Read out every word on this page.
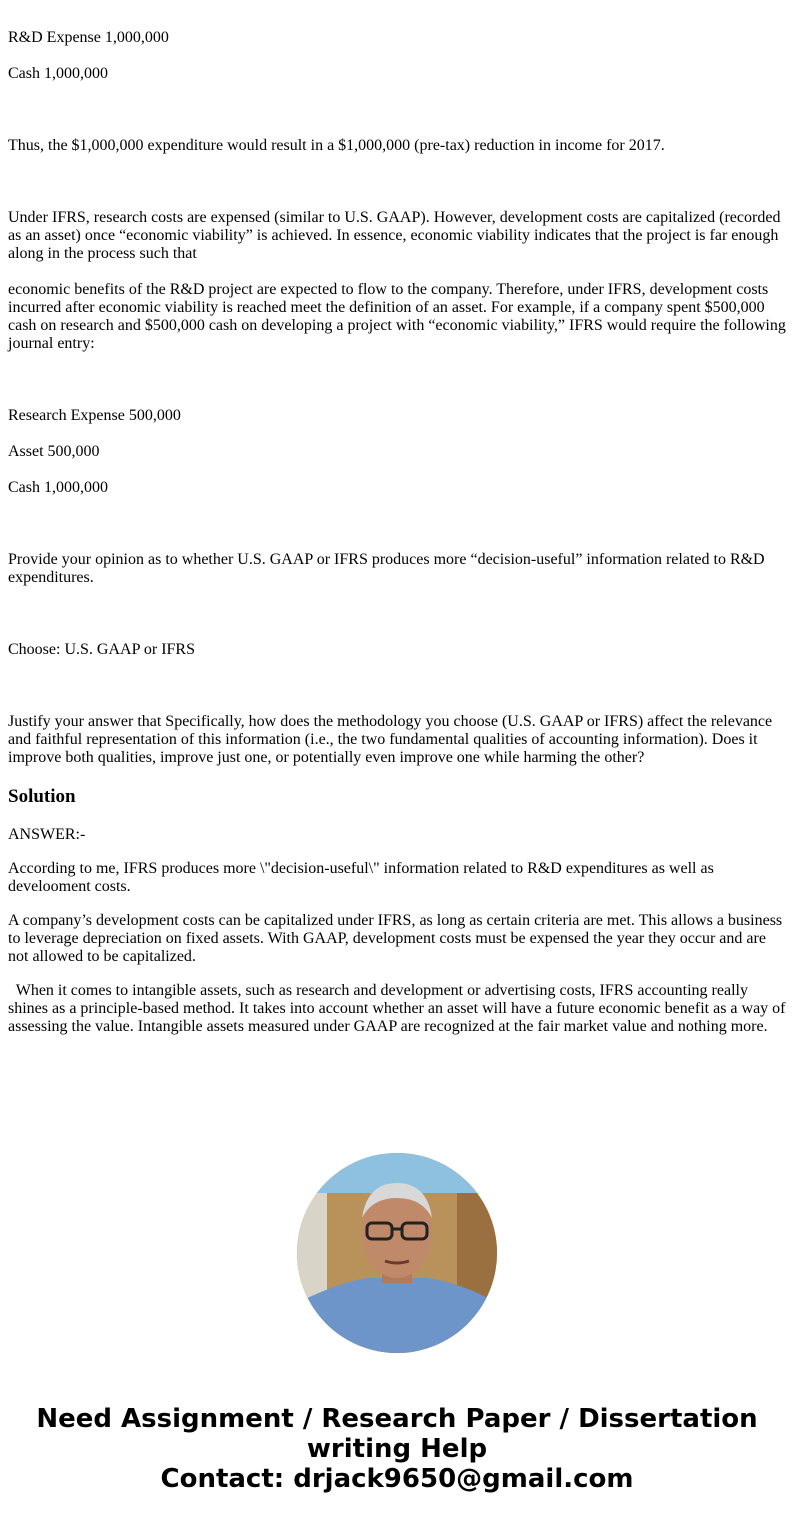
R&D Expense 1,000,000

Cash 1,000,000

Thus, the $1,000,000 expenditure would result in a $1,000,000 (pre-tax) reduction in income for 2017.

Under IFRS, research costs are expensed (similar to U.S. GAAP). However, development costs are capitalized (recorded as an asset) once “economic viability” is achieved. In essence, economic viability indicates that the project is far enough along in the process such that

economic benefits of the R&D project are expected to flow to the company. Therefore, under IFRS, development costs incurred after economic viability is reached meet the definition of an asset. For example, if a company spent $500,000 cash on research and $500,000 cash on developing a project with “economic viability,” IFRS would require the following journal entry:

Research Expense 500,000

Asset 500,000

Cash 1,000,000

Provide your opinion as to whether U.S. GAAP or IFRS produces more “decision-useful” information related to R&D expenditures.

Choose: U.S. GAAP or IFRS

Justify your answer that Specifically, how does the methodology you choose (U.S. GAAP or IFRS) affect the relevance and faithful representation of this information (i.e., the two fundamental qualities of accounting information). Does it improve both qualities, improve just one, or potentially even improve one while harming the other?

Solution

ANSWER:-

According to me, IFRS produces more \"decision-useful\" information related to R&D expenditures as well as develooment costs.

A company’s development costs can be capitalized under IFRS, as long as certain criteria are met. This allows a business to leverage depreciation on fixed assets. With GAAP, development costs must be expensed the year they occur and are not allowed to be capitalized.

When it comes to intangible assets, such as research and development or advertising costs, IFRS accounting really shines as a principle-based method. It takes into account whether an asset will have a future economic benefit as a way of assessing the value. Intangible assets measured under GAAP are recognized at the fair market value and nothing more.

Need Assignment / Research Paper / Dissertation writing Help
Contact: drjack9650@gmail.com
